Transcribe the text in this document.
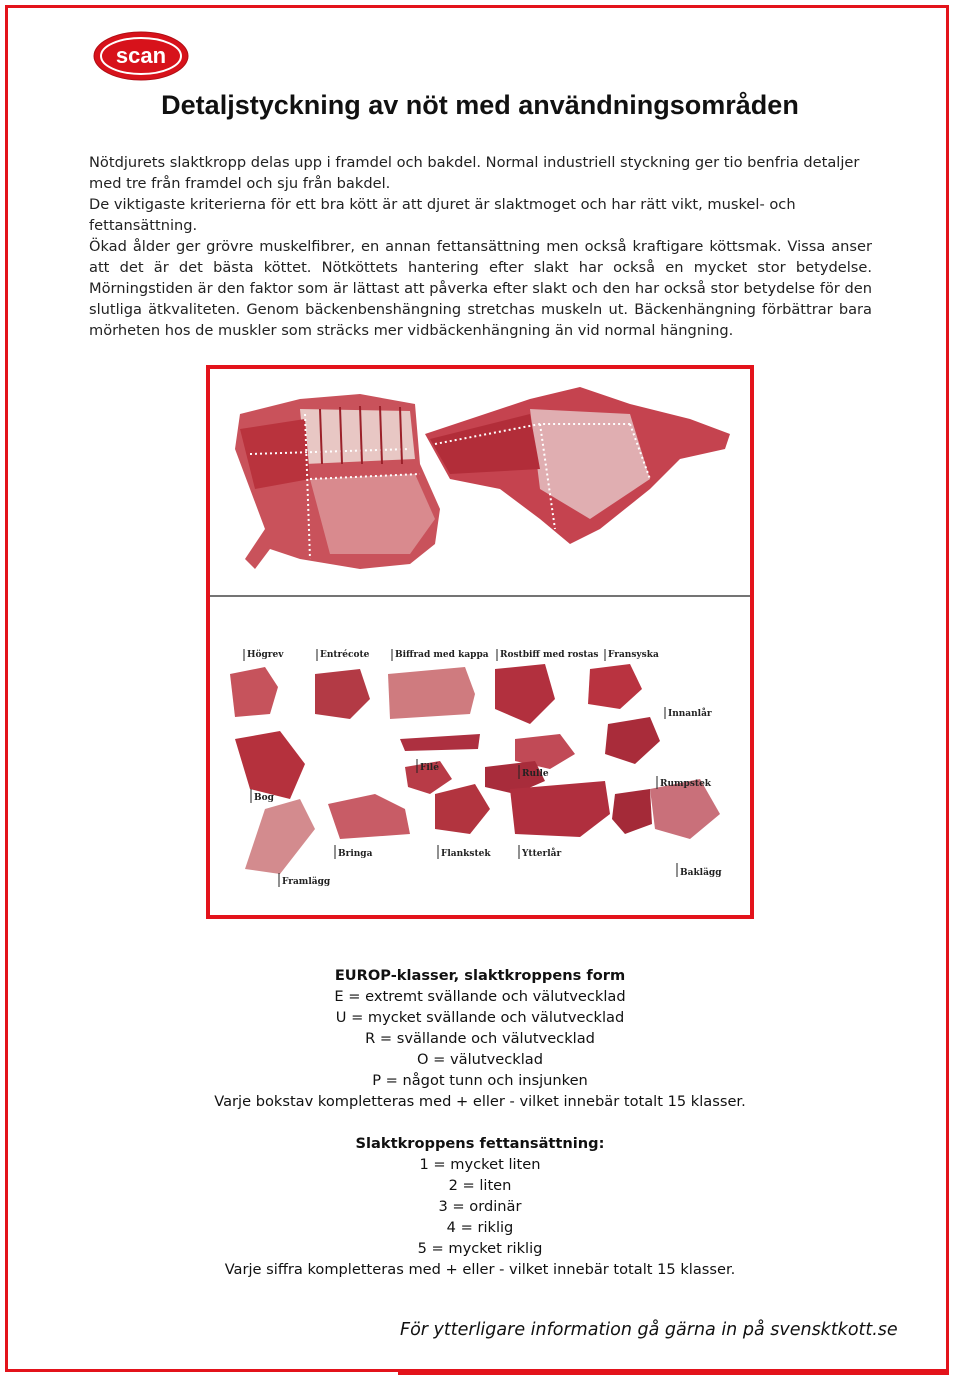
scan
Detaljstyckning av nöt med användningsområden

Nötdjurets slaktkropp delas upp i framdel och bakdel. Normal industriell styckning ger tio benfria detaljer med tre från framdel och sju från bakdel.

De viktigaste kriterierna för ett bra kött är att djuret är slaktmoget och har rätt vikt, muskel- och fettansättning.

Ökad ålder ger grövre muskelfibrer, en annan fettansättning men också kraftigare köttsmak. Vissa anser att det är det bästa köttet. Nötköttets hantering efter slakt har också en mycket stor betydelse. Mörningstiden är den faktor som är lättast att påverka efter slakt och den har också stor betydelse för den slutliga ätkvaliteten. Genom bäckenbenshängning stretchas muskeln ut. Bäckenhängning förbättrar bara mörheten hos de muskler som sträcks mer vidbäckenhängning än vid normal hängning.

Högrev	Entrécote	Biffrad med kappa Rostbiff med rostas Fransyska
Innanlår
Filé
Rulle
Rumpstek
Bog
Bringa	Flankstek	Ytterlår
Framlägg
Baklägg

EUROP-klasser, slaktkroppens form

E = extremt svällande och välutvecklad

U = mycket svällande och välutvecklad

R = svällande och välutvecklad

O = välutvecklad

P = något tunn och insjunken

Varje bokstav kompletteras med + eller - vilket innebär totalt 15 klasser.

Slaktkroppens fettansättning:

1 = mycket liten

2 = liten

3 = ordinär

4 = riklig

5 = mycket riklig

Varje siffra kompletteras med + eller - vilket innebär totalt 15 klasser.

För ytterligare information gå gärna in på svensktkott.se
